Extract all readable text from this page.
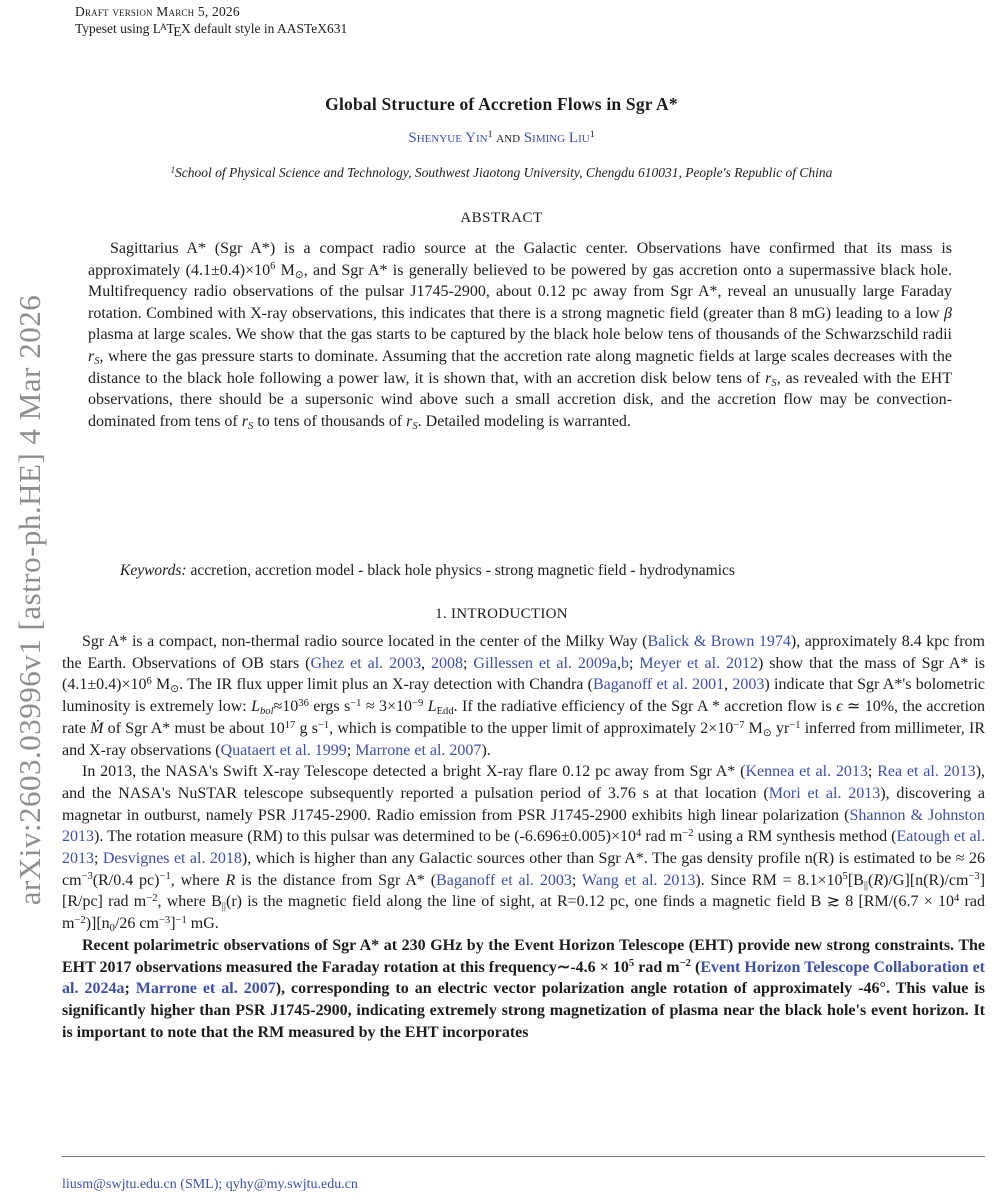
Draft version March 5, 2026
Typeset using $L^ATEX$ default style in AASTeX631
arXiv:2603.03996v1 [astro-ph.HE] 4 Mar 2026
Global Structure of Accretion Flows in Sgr A*
Shenyue Yin$^1$ and Siming Liu$^1$
$^1$School of Physical Science and Technology, Southwest Jiaotong University, Chengdu 610031, People's Republic of China
ABSTRACT
Sagittarius A* (Sgr A*) is a compact radio source at the Galactic center. Observations have confirmed that its mass is approximately $(4.1\pm 0.4)\times 10^6$ M⊙, and Sgr A* is generally believed to be powered by gas accretion onto a supermassive black hole. Multifrequency radio observations of the pulsar J1745-2900, about 0.12 pc away from Sgr A*, reveal an unusually large Faraday rotation. Combined with X-ray observations, this indicates that there is a strong magnetic field (greater than 8 mG) leading to a low β plasma at large scales. We show that the gas starts to be captured by the black hole below tens of thousands of the Schwarzschild radii rS, where the gas pressure starts to dominate. Assuming that the accretion rate along magnetic fields at large scales decreases with the distance to the black hole following a power law, it is shown that, with an accretion disk below tens of rS, as revealed with the EHT observations, there should be a supersonic wind above such a small accretion disk, and the accretion flow may be convection-dominated from tens of rS to tens of thousands of rS. Detailed modeling is warranted.
Keywords: accretion, accretion model - black hole physics - strong magnetic field - hydrodynamics
1. INTRODUCTION

Sgr A* is a compact, non-thermal radio source located in the center of the Milky Way (Balick & Brown 1974), approximately 8.4 kpc from the Earth. Observations of OB stars (Ghez et al. 2003, 2008; Gillessen et al. 2009a,b; Meyer et al. 2012) show that the mass of Sgr A* is $(4.1\pm 0.4)\times 10^6$ M⊙. The IR flux upper limit plus an X-ray detection with Chandra (Baganoff et al. 2001, 2003) indicate that Sgr A*'s bolometric luminosity is extremely low: $Lbol\approx 10^{36}$ ergs $s^{-1} \approx 3\times 10^{-9}$ LEdd. If the radiative efficiency of the Sgr A * accretion flow is ϵ ≃ 10%, the accretion rate Ṁ of Sgr A* must be about $10^{17}$ g $s^{-1}$, which is compatible to the upper limit of approximately $2\times 10^{-7}$ M⊙ $yr^{-1}$ inferred from millimeter, IR and X-ray observations (Quataert et al. 1999; Marrone et al. 2007).

In 2013, the NASA's Swift X-ray Telescope detected a bright X-ray flare 0.12 pc away from Sgr A* (Kennea et al. 2013; Rea et al. 2013), and the NASA's NuSTAR telescope subsequently reported a pulsation period of 3.76 s at that location (Mori et al. 2013), discovering a magnetar in outburst, namely PSR J1745-2900. Radio emission from PSR J1745-2900 exhibits high linear polarization (Shannon & Johnston 2013). The rotation measure (RM) to this pulsar was determined to be $(-6.696\pm 0.005)\times 10^4$ rad $m^{-2}$ using a RM synthesis method (Eatough et al. 2013; Desvignes et al. 2018), which is higher than any Galactic sources other than Sgr A*. The gas density profile n(R) is estimated to be ≈ 26 $cm^{-3}(R/0.4$ pc)$^{-1}$, where R is the distance from Sgr A* (Baganoff et al. 2003; Wang et al. 2013). Since RM = $8.1\times 10^5[B||(R)/G][n(R)/cm^{-3}][R/pc]$ rad $m^{-2}$, where B||(r) is the magnetic field along the line of sight, at R=0.12 pc, one finds a magnetic field B ≳ 8 [$RM/(6.7 \times 10^4$ rad $m^{-2})][n0/26$ $cm^{-3}]^{-1}$ mG.

Recent polarimetric observations of Sgr A* at 230 GHz by the Event Horizon Telescope (EHT) provide new strong constraints. The EHT 2017 observations measured the Faraday rotation at this frequency∼-4.6 × $10^5$ rad $m^{-2}$ (Event Horizon Telescope Collaboration et al. 2024a; Marrone et al. 2007), corresponding to an electric vector polarization angle rotation of approximately -46°. This value is significantly higher than PSR J1745-2900, indicating extremely strong magnetization of plasma near the black hole's event horizon. It is important to note that the RM measured by the EHT incorporates

liusm@swjtu.edu.cn (SML); qyhy@my.swjtu.edu.cn
